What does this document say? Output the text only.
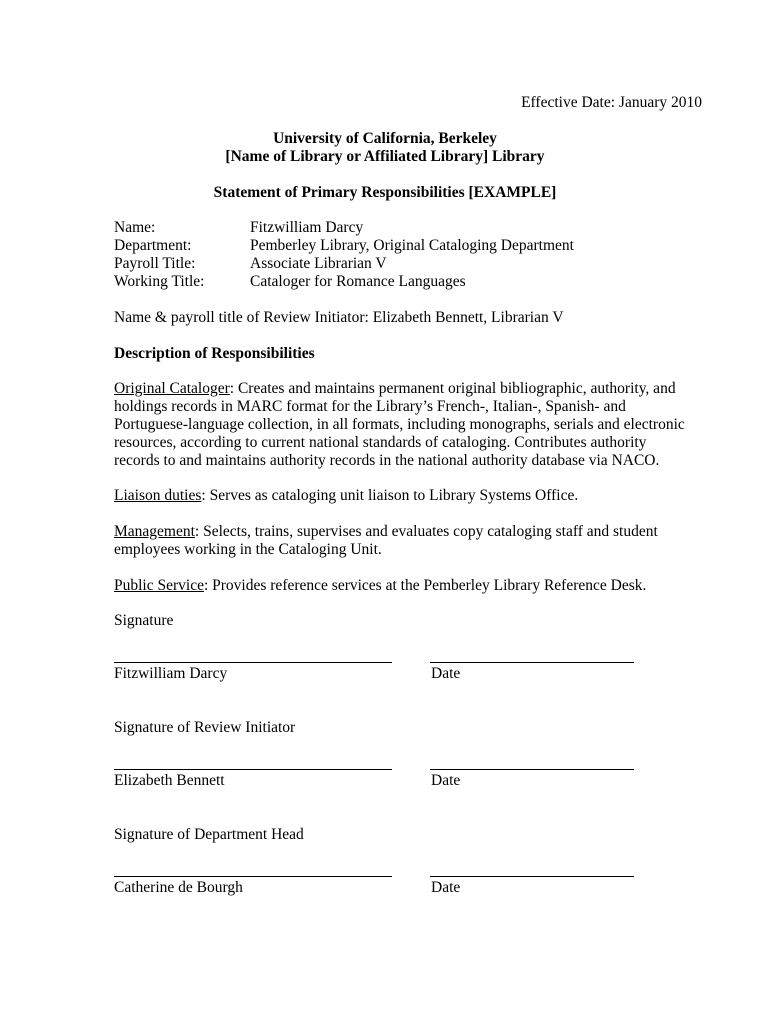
Effective Date: January 2010
University of California, Berkeley
[Name of Library or Affiliated Library] Library
Statement of Primary Responsibilities [EXAMPLE]
Name:	Fitzwilliam Darcy
Department:	Pemberley Library, Original Cataloging Department
Payroll Title:	Associate Librarian V
Working Title:	Cataloger for Romance Languages
Name & payroll title of Review Initiator: Elizabeth Bennett, Librarian V
Description of Responsibilities
Original Cataloger: Creates and maintains permanent original bibliographic, authority, and holdings records in MARC format for the Library’s French-, Italian-, Spanish- and Portuguese-language collection, in all formats, including monographs, serials and electronic resources, according to current national standards of cataloging. Contributes authority records to and maintains authority records in the national authority database via NACO.
Liaison duties: Serves as cataloging unit liaison to Library Systems Office.
Management: Selects, trains, supervises and evaluates copy cataloging staff and student employees working in the Cataloging Unit.
Public Service: Provides reference services at the Pemberley Library Reference Desk.
Signature
Fitzwilliam Darcy	Date
Signature of Review Initiator
Elizabeth Bennett	Date
Signature of Department Head
Catherine de Bourgh	Date
